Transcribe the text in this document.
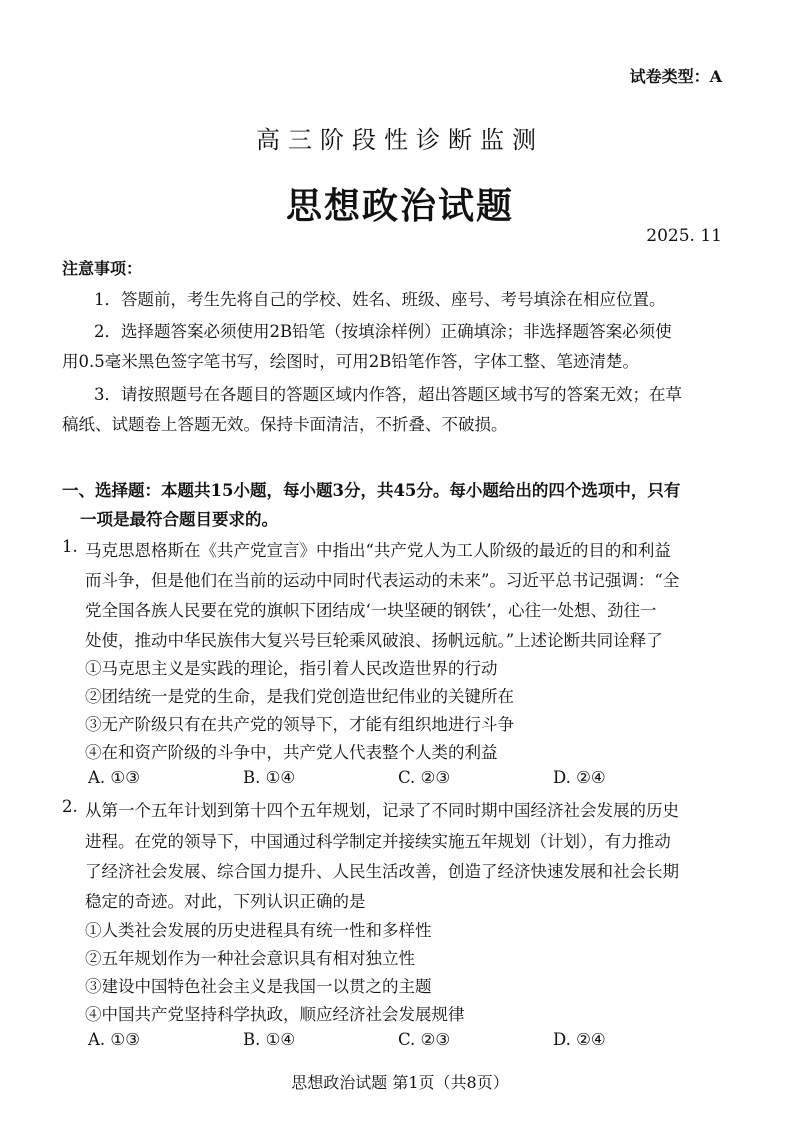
试卷类型：A
高三阶段性诊断监测
思想政治试题
2025. 11
注意事项：
1．答题前，考生先将自己的学校、姓名、班级、座号、考号填涂在相应位置。
2．选择题答案必须使用2B铅笔（按填涂样例）正确填涂；非选择题答案必须使
用0.5毫米黑色签字笔书写，绘图时，可用2B铅笔作答，字体工整、笔迹清楚。
3．请按照题号在各题目的答题区域内作答，超出答题区域书写的答案无效；在草
稿纸、试题卷上答题无效。保持卡面清洁，不折叠、不破损。
一、选择题：本题共15小题，每小题3分，共45分。每小题给出的四个选项中，只有
一项是最符合题目要求的。
1. 马克思恩格斯在《共产党宣言》中指出“共产党人为工人阶级的最近的目的和利益
而斗争，但是他们在当前的运动中同时代表运动的未来”。习近平总书记强调：“全
党全国各族人民要在党的旗帜下团结成‘一块坚硬的钢铁’，心往一处想、劲往一
处使，推动中华民族伟大复兴号巨轮乘风破浪、扬帆远航。”上述论断共同诠释了
①马克思主义是实践的理论，指引着人民改造世界的行动
②团结统一是党的生命，是我们党创造世纪伟业的关键所在
③无产阶级只有在共产党的领导下，才能有组织地进行斗争
④在和资产阶级的斗争中，共产党人代表整个人类的利益
A. ①③	B. ①④	C. ②③	D. ②④
2. 从第一个五年计划到第十四个五年规划，记录了不同时期中国经济社会发展的历史
进程。在党的领导下，中国通过科学制定并接续实施五年规划（计划），有力推动
了经济社会发展、综合国力提升、人民生活改善，创造了经济快速发展和社会长期
稳定的奇迹。对此，下列认识正确的是
①人类社会发展的历史进程具有统一性和多样性
②五年规划作为一种社会意识具有相对独立性
③建设中国特色社会主义是我国一以贯之的主题
④中国共产党坚持科学执政，顺应经济社会发展规律
A. ①③	B. ①④	C. ②③	D. ②④
思想政治试题 第1页（共8页）
